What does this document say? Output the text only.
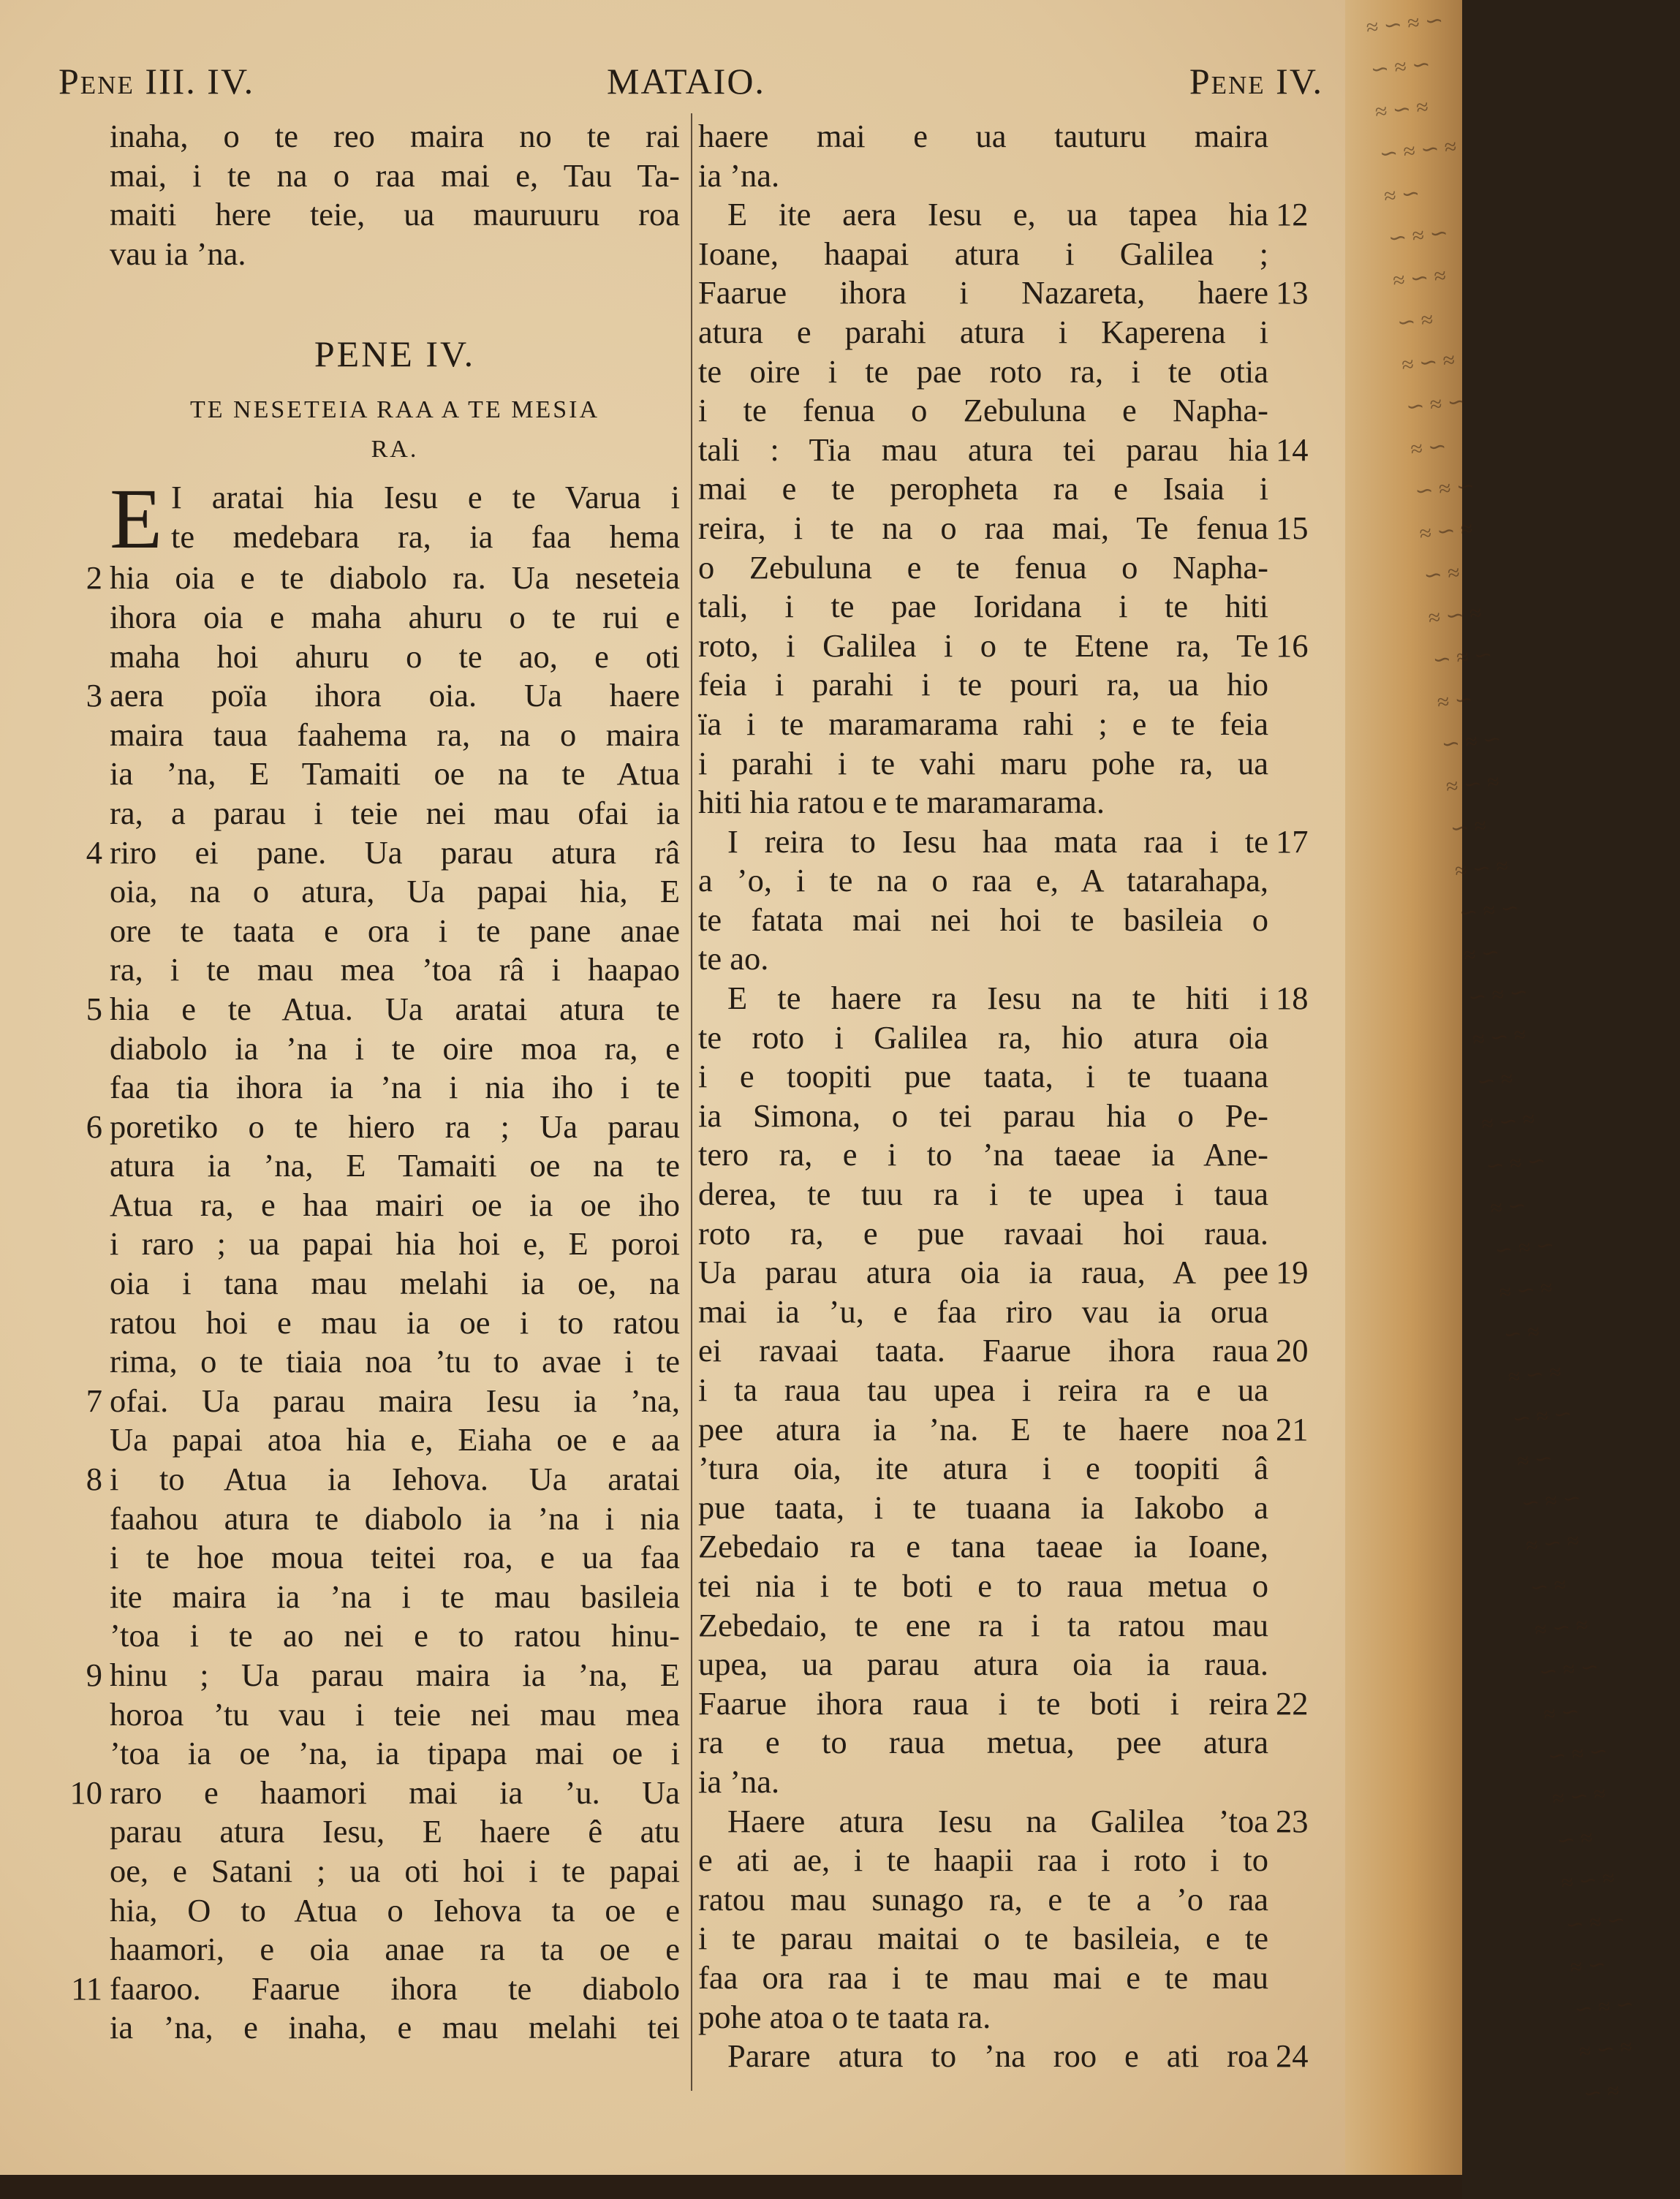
Pene III. IV.	MATAIO.	Pene IV.
inaha, o te reo maira no te rai
mai, i te na o raa mai e, Tau Ta-
maiti here teie, ua mauruuru roa
vau ia ’na.
PENE IV.
TE NESETEIA RAA A TE MESIA
RA.
E I aratai hia Iesu e te Varua i
te medebara ra, ia faa hema
2 hia oia e te diabolo ra. Ua neseteia
ihora oia e maha ahuru o te rui e
maha hoi ahuru o te ao, e oti
3 aera poïa ihora oia. Ua haere
maira taua faahema ra, na o maira
ia ’na, E Tamaiti oe na te Atua
ra, a parau i teie nei mau ofai ia
4 riro ei pane. Ua parau atura râ
oia, na o atura, Ua papai hia, E
ore te taata e ora i te pane anae
ra, i te mau mea ’toa râ i haapao
5 hia e te Atua. Ua aratai atura te
diabolo ia ’na i te oire moa ra, e
faa tia ihora ia ’na i nia iho i te
6 poretiko o te hiero ra ; Ua parau
atura ia ’na, E Tamaiti oe na te
Atua ra, e haa mairi oe ia oe iho
i raro ; ua papai hia hoi e, E poroi
oia i tana mau melahi ia oe, na
ratou hoi e mau ia oe i to ratou
rima, o te tiaia noa ’tu to avae i te
7 ofai. Ua parau maira Iesu ia ’na,
Ua papai atoa hia e, Eiaha oe e aa
8 i to Atua ia Iehova. Ua aratai
faahou atura te diabolo ia ’na i nia
i te hoe moua teitei roa, e ua faa
ite maira ia ’na i te mau basileia
’toa i te ao nei e to ratou hinu-
9 hinu ; Ua parau maira ia ’na, E
horoa ’tu vau i teie nei mau mea
’toa ia oe ’na, ia tipapa mai oe i
10 raro e haamori mai ia ’u. Ua
parau atura Iesu, E haere ê atu
oe, e Satani ; ua oti hoi i te papai
hia, O to Atua o Iehova ta oe e
haamori, e oia anae ra ta oe e
11 faaroo. Faarue ihora te diabolo
ia ’na, e inaha, e mau melahi tei
haere mai e ua tauturu maira
ia ’na.
12
E ite aera Iesu e, ua tapea hia
Ioane, haapai atura i Galilea ;
13
Faarue ihora i Nazareta, haere
atura e parahi atura i Kaperena i
te oire i te pae roto ra, i te otia
i te fenua o Zebuluna e Napha-
14
tali : Tia mau atura tei parau hia
mai e te peropheta ra e Isaia i
15
reira, i te na o raa mai, Te fenua
o Zebuluna e te fenua o Napha-
tali, i te pae Ioridana i te hiti
16
roto, i Galilea i o te Etene ra, Te
feia i parahi i te pouri ra, ua hio
ïa i te maramarama rahi ; e te feia
i parahi i te vahi maru pohe ra, ua
hiti hia ratou e te maramarama.
17
I reira to Iesu haa mata raa i te
a ’o, i te na o raa e, A tatarahapa,
te fatata mai nei hoi te basileia o
te ao.
18
E te haere ra Iesu na te hiti i
te roto i Galilea ra, hio atura oia
i e toopiti pue taata, i te tuaana
ia Simona, o tei parau hia o Pe-
tero ra, e i to ’na taeae ia Ane-
derea, te tuu ra i te upea i taua
roto ra, e pue ravaai hoi raua.
19
Ua parau atura oia ia raua, A pee
mai ia ’u, e faa riro vau ia orua
20
ei ravaai taata. Faarue ihora raua
i ta raua tau upea i reira ra e ua
21
pee atura ia ’na. E te haere noa
’tura oia, ite atura i e toopiti â
pue taata, i te tuaana ia Iakobo a
Zebedaio ra e tana taeae ia Ioane,
tei nia i te boti e to raua metua o
Zebedaio, te ene ra i ta ratou mau
upea, ua parau atura oia ia raua.
22
Faarue ihora raua i te boti i reira
ra e to raua metua, pee atura
ia ’na.
23
Haere atura Iesu na Galilea ’toa
e ati ae, i te haapii raa i roto i to
ratou mau sunago ra, e te a ’o raa
i te parau maitai o te basileia, e te
faa ora raa i te mau mai e te mau
pohe atoa o te taata ra.
24
Parare atura to ’na roo e ati roa
≈ ∽ ≈ ∽
∽ ≈ ∽
≈ ∽ ≈
∽ ≈ ∽ ≈
≈ ∽
∽ ≈ ∽
≈ ∽ ≈
∽ ≈
≈ ∽ ≈
∽ ≈ ∽
≈ ∽
∽ ≈ ∽
≈ ∽ ≈
∽ ≈
≈ ∽ ≈
∽ ≈ ∽
≈ ∽
∽ ≈ ∽
≈ ∽ ≈
∽ ≈
≈ ∽ ≈
∽ ≈ ∽
≈ ∽
∽ ≈ ∽
≈ ∽ ≈
∽ ≈
≈ ∽ ≈
∽ ≈ ∽
≈ ∽
∽ ≈ ∽
≈ ∽ ≈
∽ ≈
≈ ∽ ≈
∽ ≈ ∽
≈ ∽
∽ ≈ ∽
≈ ∽ ≈
∽ ≈
≈ ∽ ≈
∽ ≈ ∽
≈ ∽
∽ ≈ ∽
≈ ∽ ≈
∽ ≈
≈ ∽ ≈
∽ ≈ ∽
≈ ∽
∽ ≈ ∽
≈ ∽ ≈
∽ ≈
